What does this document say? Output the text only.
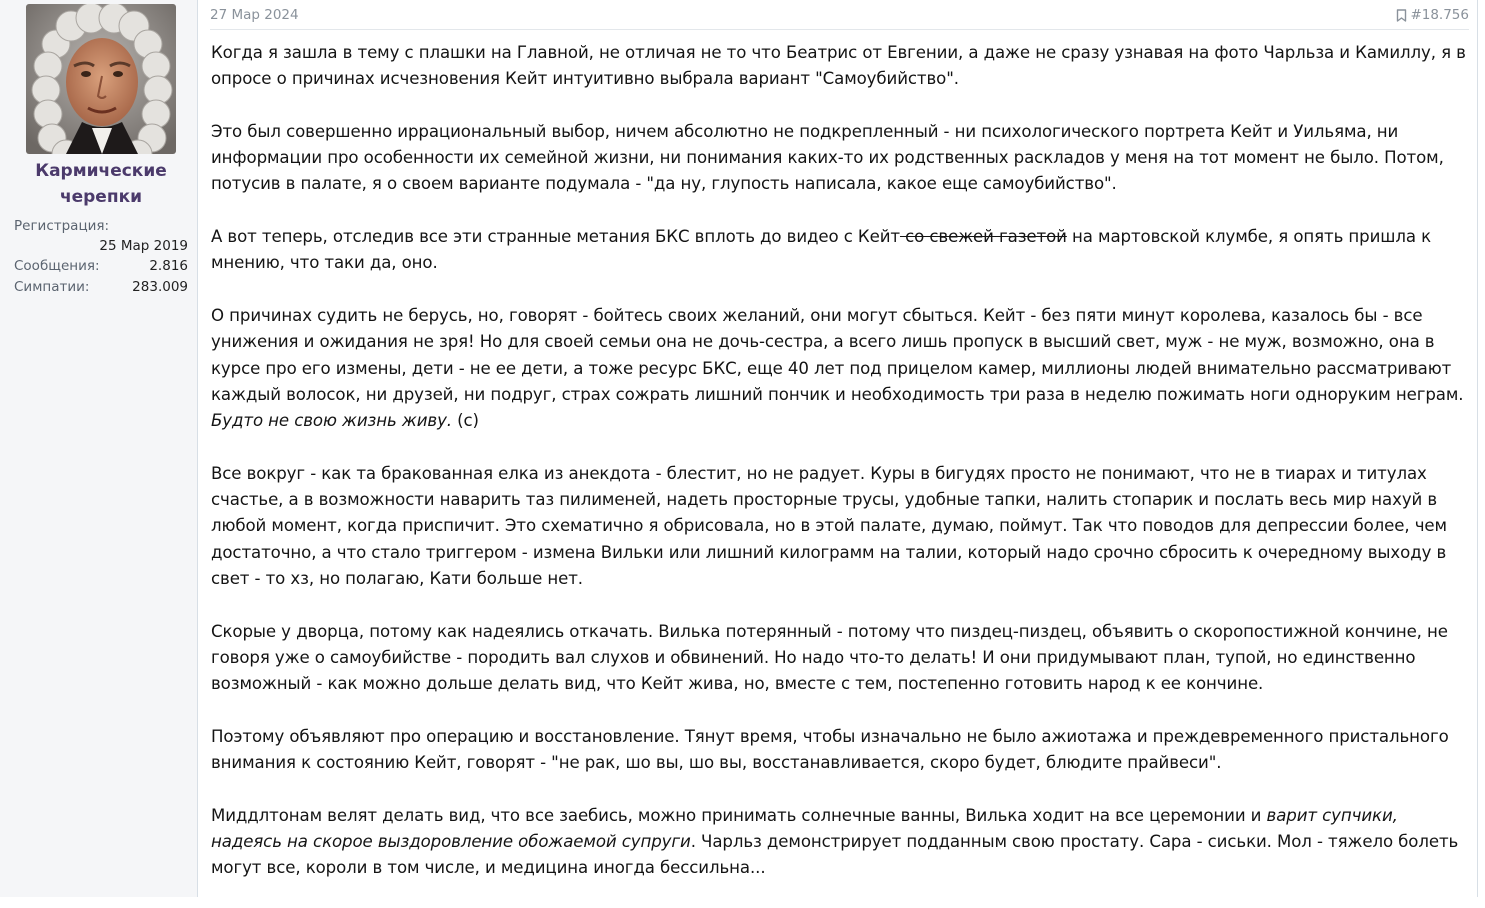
Кармические черепки
Регистрация:
25 Мар 2019
Сообщения:	2.816
Симпатии:	283.009
27 Мар 2024	#18.756

Когда я зашла в тему с плашки на Главной, не отличая не то что Беатрис от Евгении, а даже не сразу узнавая на фото Чарльза и Камиллу, я в опросе о причинах исчезновения Кейт интуитивно выбрала вариант "Самоубийство".

Это был совершенно иррациональный выбор, ничем абсолютно не подкрепленный - ни психологического портрета Кейт и Уильяма, ни информации про особенности их семейной жизни, ни понимания каких-то их родственных раскладов у меня на тот момент не было. Потом, потусив в палате, я о своем варианте подумала - "да ну, глупость написала, какое еще самоубийство".

А вот теперь, отследив все эти странные метания БКС вплоть до видео с Кейт со свежей газетой на мартовской клумбе, я опять пришла к мнению, что таки да, оно.

О причинах судить не берусь, но, говорят - бойтесь своих желаний, они могут сбыться. Кейт - без пяти минут королева, казалось бы - все унижения и ожидания не зря! Но для своей семьи она не дочь-сестра, а всего лишь пропуск в высший свет, муж - не муж, возможно, она в курсе про его измены, дети - не ее дети, а тоже ресурс БКС, еще 40 лет под прицелом камер, миллионы людей внимательно рассматривают каждый волосок, ни друзей, ни подруг, страх сожрать лишний пончик и необходимость три раза в неделю пожимать ноги одноруким неграм.
Будто не свою жизнь живу. (с)

Все вокруг - как та бракованная елка из анекдота - блестит, но не радует. Куры в бигудях просто не понимают, что не в тиарах и титулах счастье, а в возможности наварить таз пилименей, надеть просторные трусы, удобные тапки, налить стопарик и послать весь мир нахуй в любой момент, когда приспичит. Это схематично я обрисовала, но в этой палате, думаю, поймут. Так что поводов для депрессии более, чем достаточно, а что стало триггером - измена Вильки или лишний килограмм на талии, который надо срочно сбросить к очередному выходу в свет - то хз, но полагаю, Кати больше нет.

Скорые у дворца, потому как надеялись откачать. Вилька потерянный - потому что пиздец-пиздец, объявить о скоропостижной кончине, не говоря уже о самоубийстве - породить вал слухов и обвинений. Но надо что-то делать! И они придумывают план, тупой, но единственно возможный - как можно дольше делать вид, что Кейт жива, но, вместе с тем, постепенно готовить народ к ее кончине.

Поэтому объявляют про операцию и восстановление. Тянут время, чтобы изначально не было ажиотажа и преждевременного пристального внимания к состоянию Кейт, говорят - "не рак, шо вы, шо вы, восстанавливается, скоро будет, блюдите прайвеси".

Миддлтонам велят делать вид, что все заебись, можно принимать солнечные ванны, Вилька ходит на все церемонии и варит супчики, надеясь на скорое выздоровление обожаемой супруги. Чарльз демонстрирует подданным свою простату. Сара - сиськи. Мол - тяжело болеть могут все, короли в том числе, и медицина иногда бессильна...
